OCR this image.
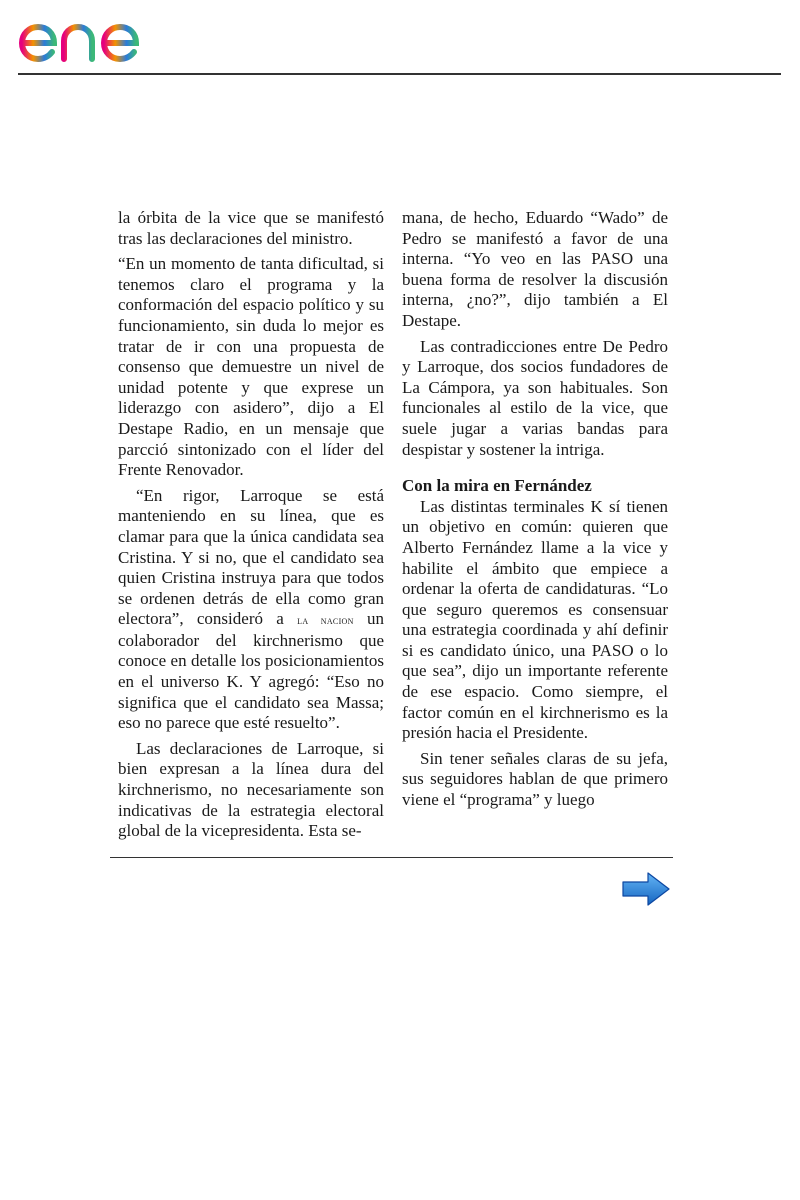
la órbita de la vice que se manifestó tras las declaraciones del ministro.

“En un momento de tanta dificultad, si tenemos claro el programa y la conformación del espacio político y su funcionamiento, sin duda lo mejor es tratar de ir con una propuesta de consenso que demuestre un nivel de unidad potente y que exprese un liderazgo con asidero”, dijo a El Destape Radio, en un mensaje que parcció sintonizado con el líder del Frente Renovador.

“En rigor, Larroque se está manteniendo en su línea, que es clamar para que la única candidata sea Cristina. Y si no, que el candidato sea quien Cristina instruya para que todos se ordenen detrás de ella como gran electora”, consideró a la nacion un colaborador del kirchnerismo que conoce en detalle los posicionamientos en el universo K. Y agregó: “Eso no significa que el candidato sea Massa; eso no parece que esté resuelto”.

Las declaraciones de Larroque, si bien expresan a la línea dura del kirchnerismo, no necesariamente son indicativas de la estrategia electoral global de la vicepresidenta. Esta se-

mana, de hecho, Eduardo “Wado” de Pedro se manifestó a favor de una interna. “Yo veo en las PASO una buena forma de resolver la discusión interna, ¿no?”, dijo también a El Destape.

Las contradicciones entre De Pedro y Larroque, dos socios fundadores de La Cámpora, ya son habituales. Son funcionales al estilo de la vice, que suele jugar a varias bandas para despistar y sostener la intriga.

Con la mira en Fernández

Las distintas terminales K sí tienen un objetivo en común: quieren que Alberto Fernández llame a la vice y habilite el ámbito que empiece a ordenar la oferta de candidaturas. “Lo que seguro queremos es consensuar una estrategia coordinada y ahí definir si es candidato único, una PASO o lo que sea”, dijo un importante referente de ese espacio. Como siempre, el factor común en el kirchnerismo es la presión hacia el Presidente.

Sin tener señales claras de su jefa, sus seguidores hablan de que primero viene el “programa” y luego
